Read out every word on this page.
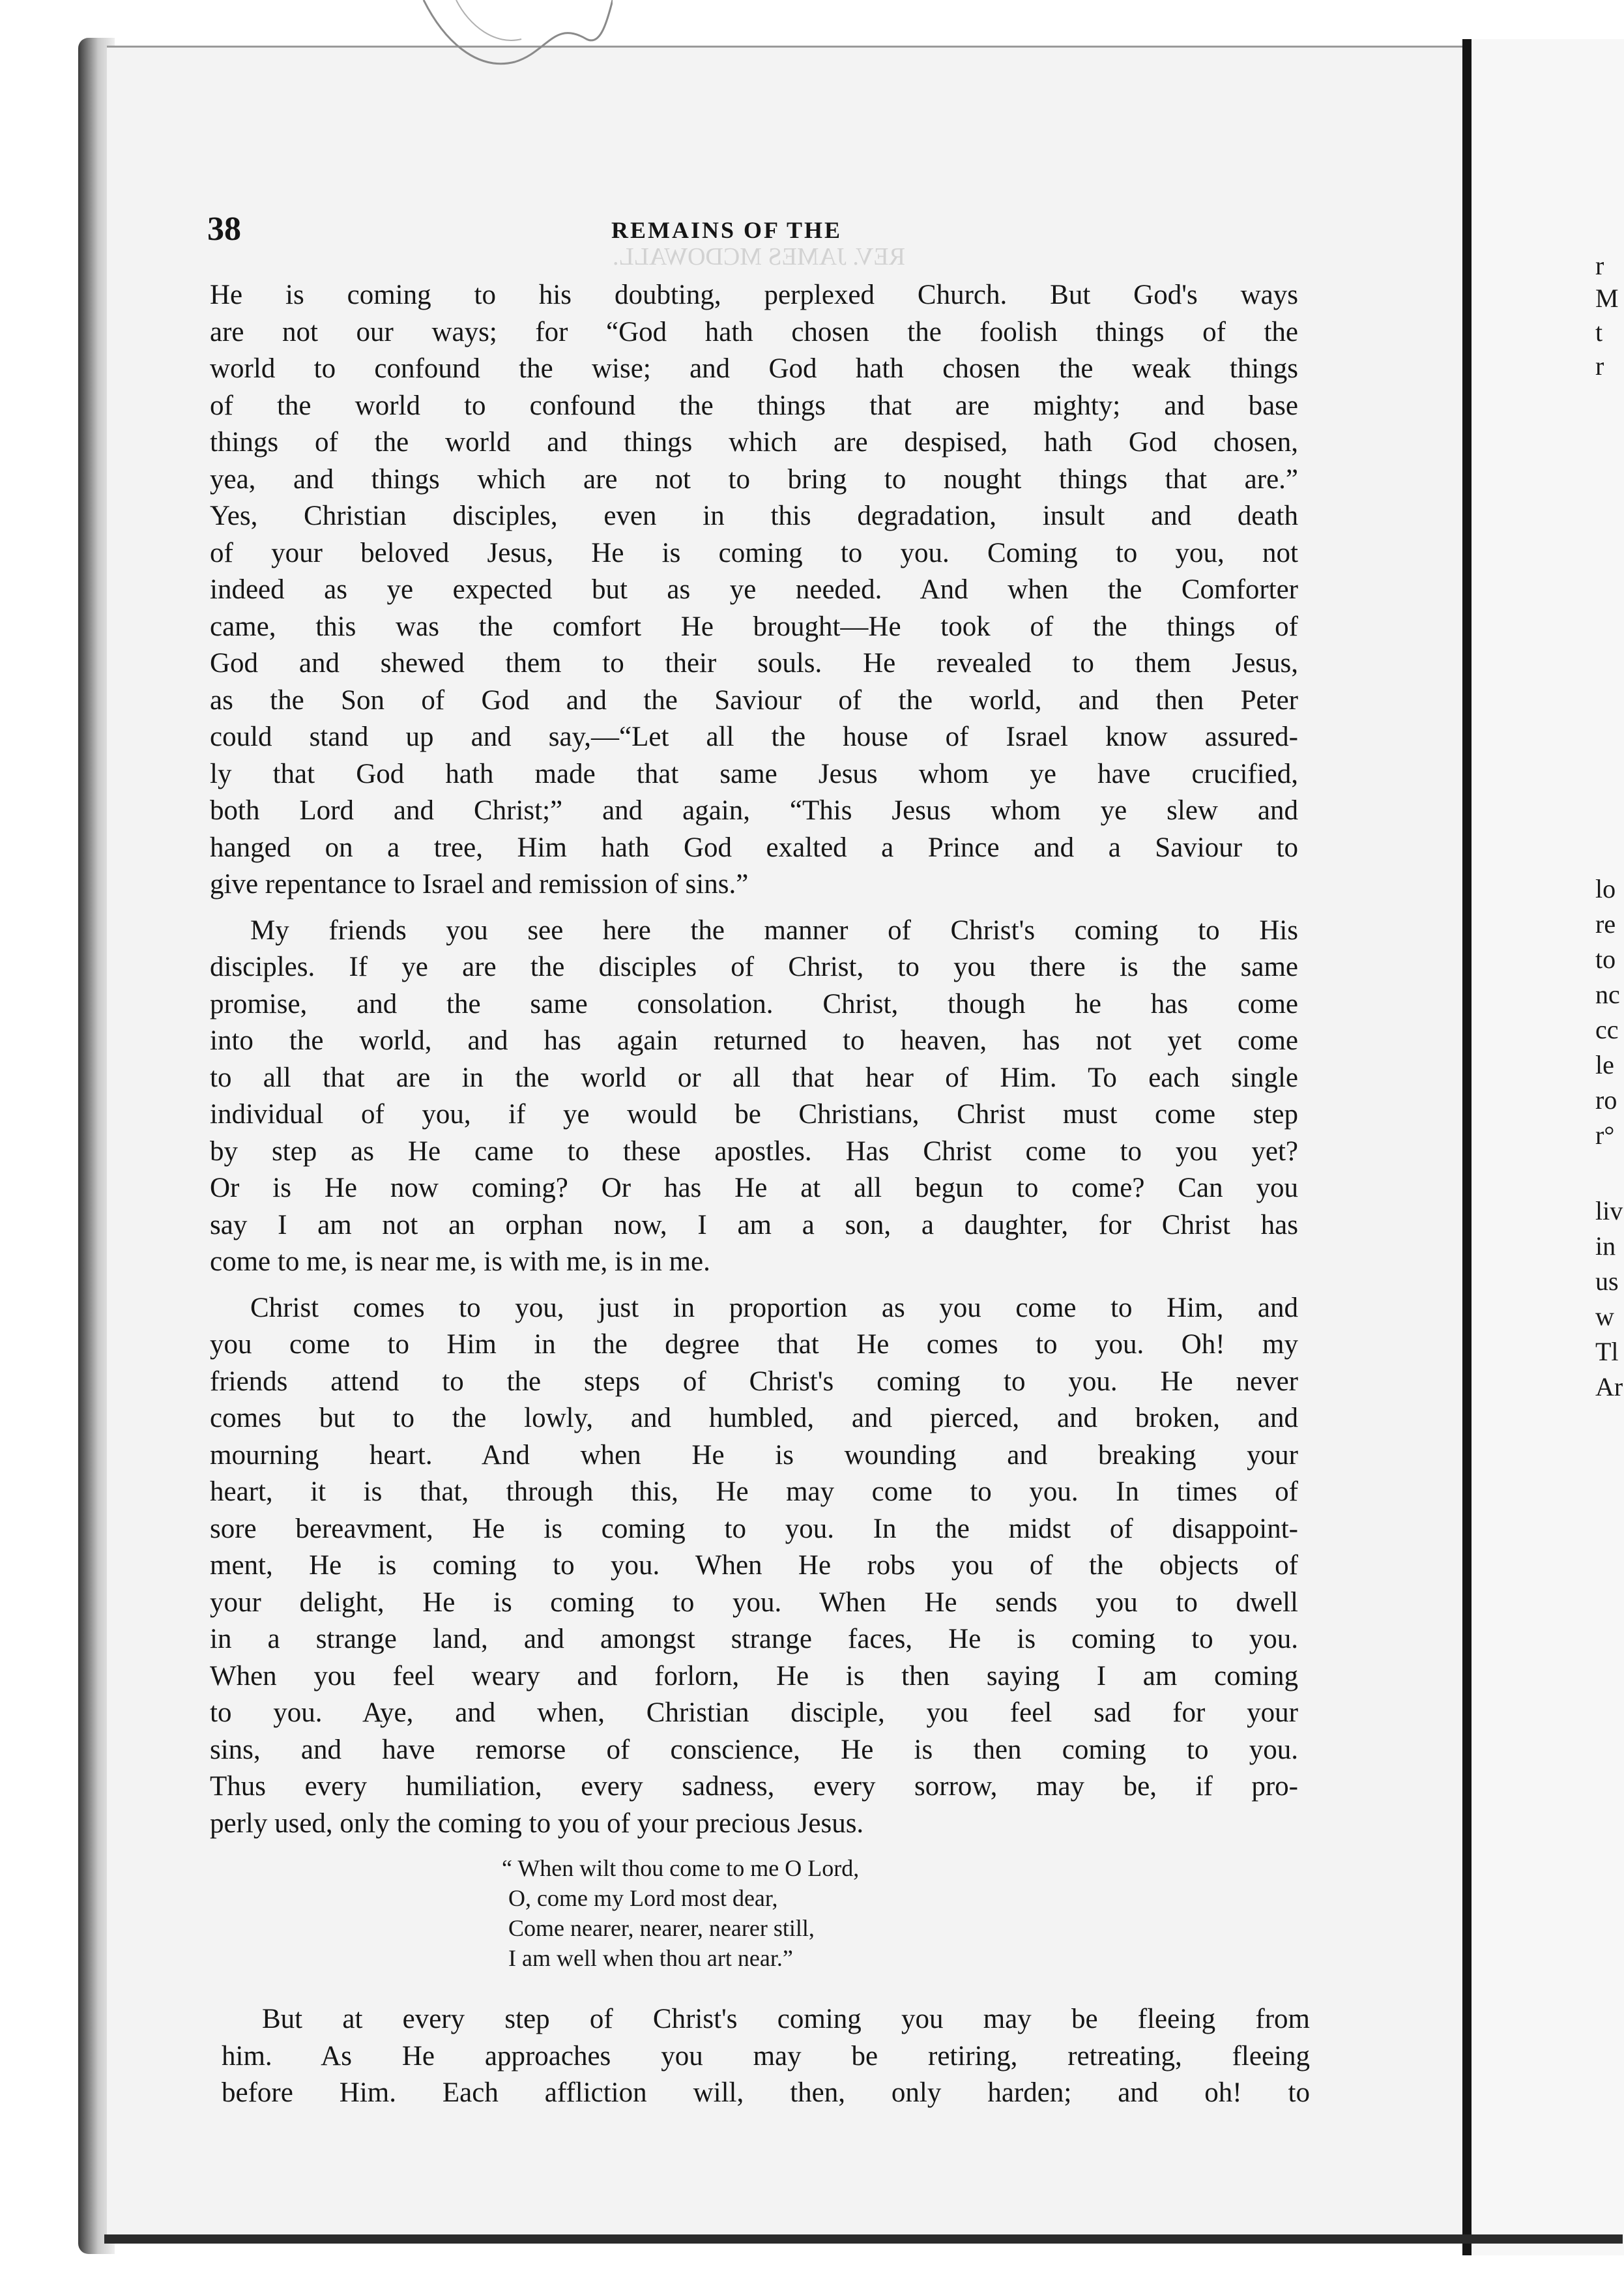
REV. JAMES MCDOWALL.
38	REMAINS OF THE
He is coming to his doubting, perplexed Church. But God's ways
are not our ways; for “God hath chosen the foolish things of the
world to confound the wise; and God hath chosen the weak things
of the world to confound the things that are mighty; and base
things of the world and things which are despised, hath God chosen,
yea, and things which are not to bring to nought things that are.”
Yes, Christian disciples, even in this degradation, insult and death
of your beloved Jesus, He is coming to you. Coming to you, not
indeed as ye expected but as ye needed. And when the Comforter
came, this was the comfort He brought—He took of the things of
God and shewed them to their souls. He revealed to them Jesus,
as the Son of God and the Saviour of the world, and then Peter
could stand up and say,—“Let all the house of Israel know assured-
ly that God hath made that same Jesus whom ye have crucified,
both Lord and Christ;” and again, “This Jesus whom ye slew and
hanged on a tree, Him hath God exalted a Prince and a Saviour to
give repentance to Israel and remission of sins.”
My friends you see here the manner of Christ's coming to His
disciples. If ye are the disciples of Christ, to you there is the same
promise, and the same consolation. Christ, though he has come
into the world, and has again returned to heaven, has not yet come
to all that are in the world or all that hear of Him. To each single
individual of you, if ye would be Christians, Christ must come step
by step as He came to these apostles. Has Christ come to you yet?
Or is He now coming? Or has He at all begun to come? Can you
say I am not an orphan now, I am a son, a daughter, for Christ has
come to me, is near me, is with me, is in me.
Christ comes to you, just in proportion as you come to Him, and
you come to Him in the degree that He comes to you. Oh! my
friends attend to the steps of Christ's coming to you. He never
comes but to the lowly, and humbled, and pierced, and broken, and
mourning heart. And when He is wounding and breaking your
heart, it is that, through this, He may come to you. In times of
sore bereavment, He is coming to you. In the midst of disappoint-
ment, He is coming to you. When He robs you of the objects of
your delight, He is coming to you. When He sends you to dwell
in a strange land, and amongst strange faces, He is coming to you.
When you feel weary and forlorn, He is then saying I am coming
to you. Aye, and when, Christian disciple, you feel sad for your
sins, and have remorse of conscience, He is then coming to you.
Thus every humiliation, every sadness, every sorrow, may be, if pro-
perly used, only the coming to you of your precious Jesus.
“ When wilt thou come to me O Lord,
O, come my Lord most dear,
Come nearer, nearer, nearer still,
I am well when thou art near.”
But at every step of Christ's coming you may be fleeing from
him. As He approaches you may be retiring, retreating, fleeing
before Him. Each affliction will, then, only harden; and oh! to
r
M
t
r
lo
re
to
nc
cc
le
ro
r°
liv
in
us
w
Tl
Ar
